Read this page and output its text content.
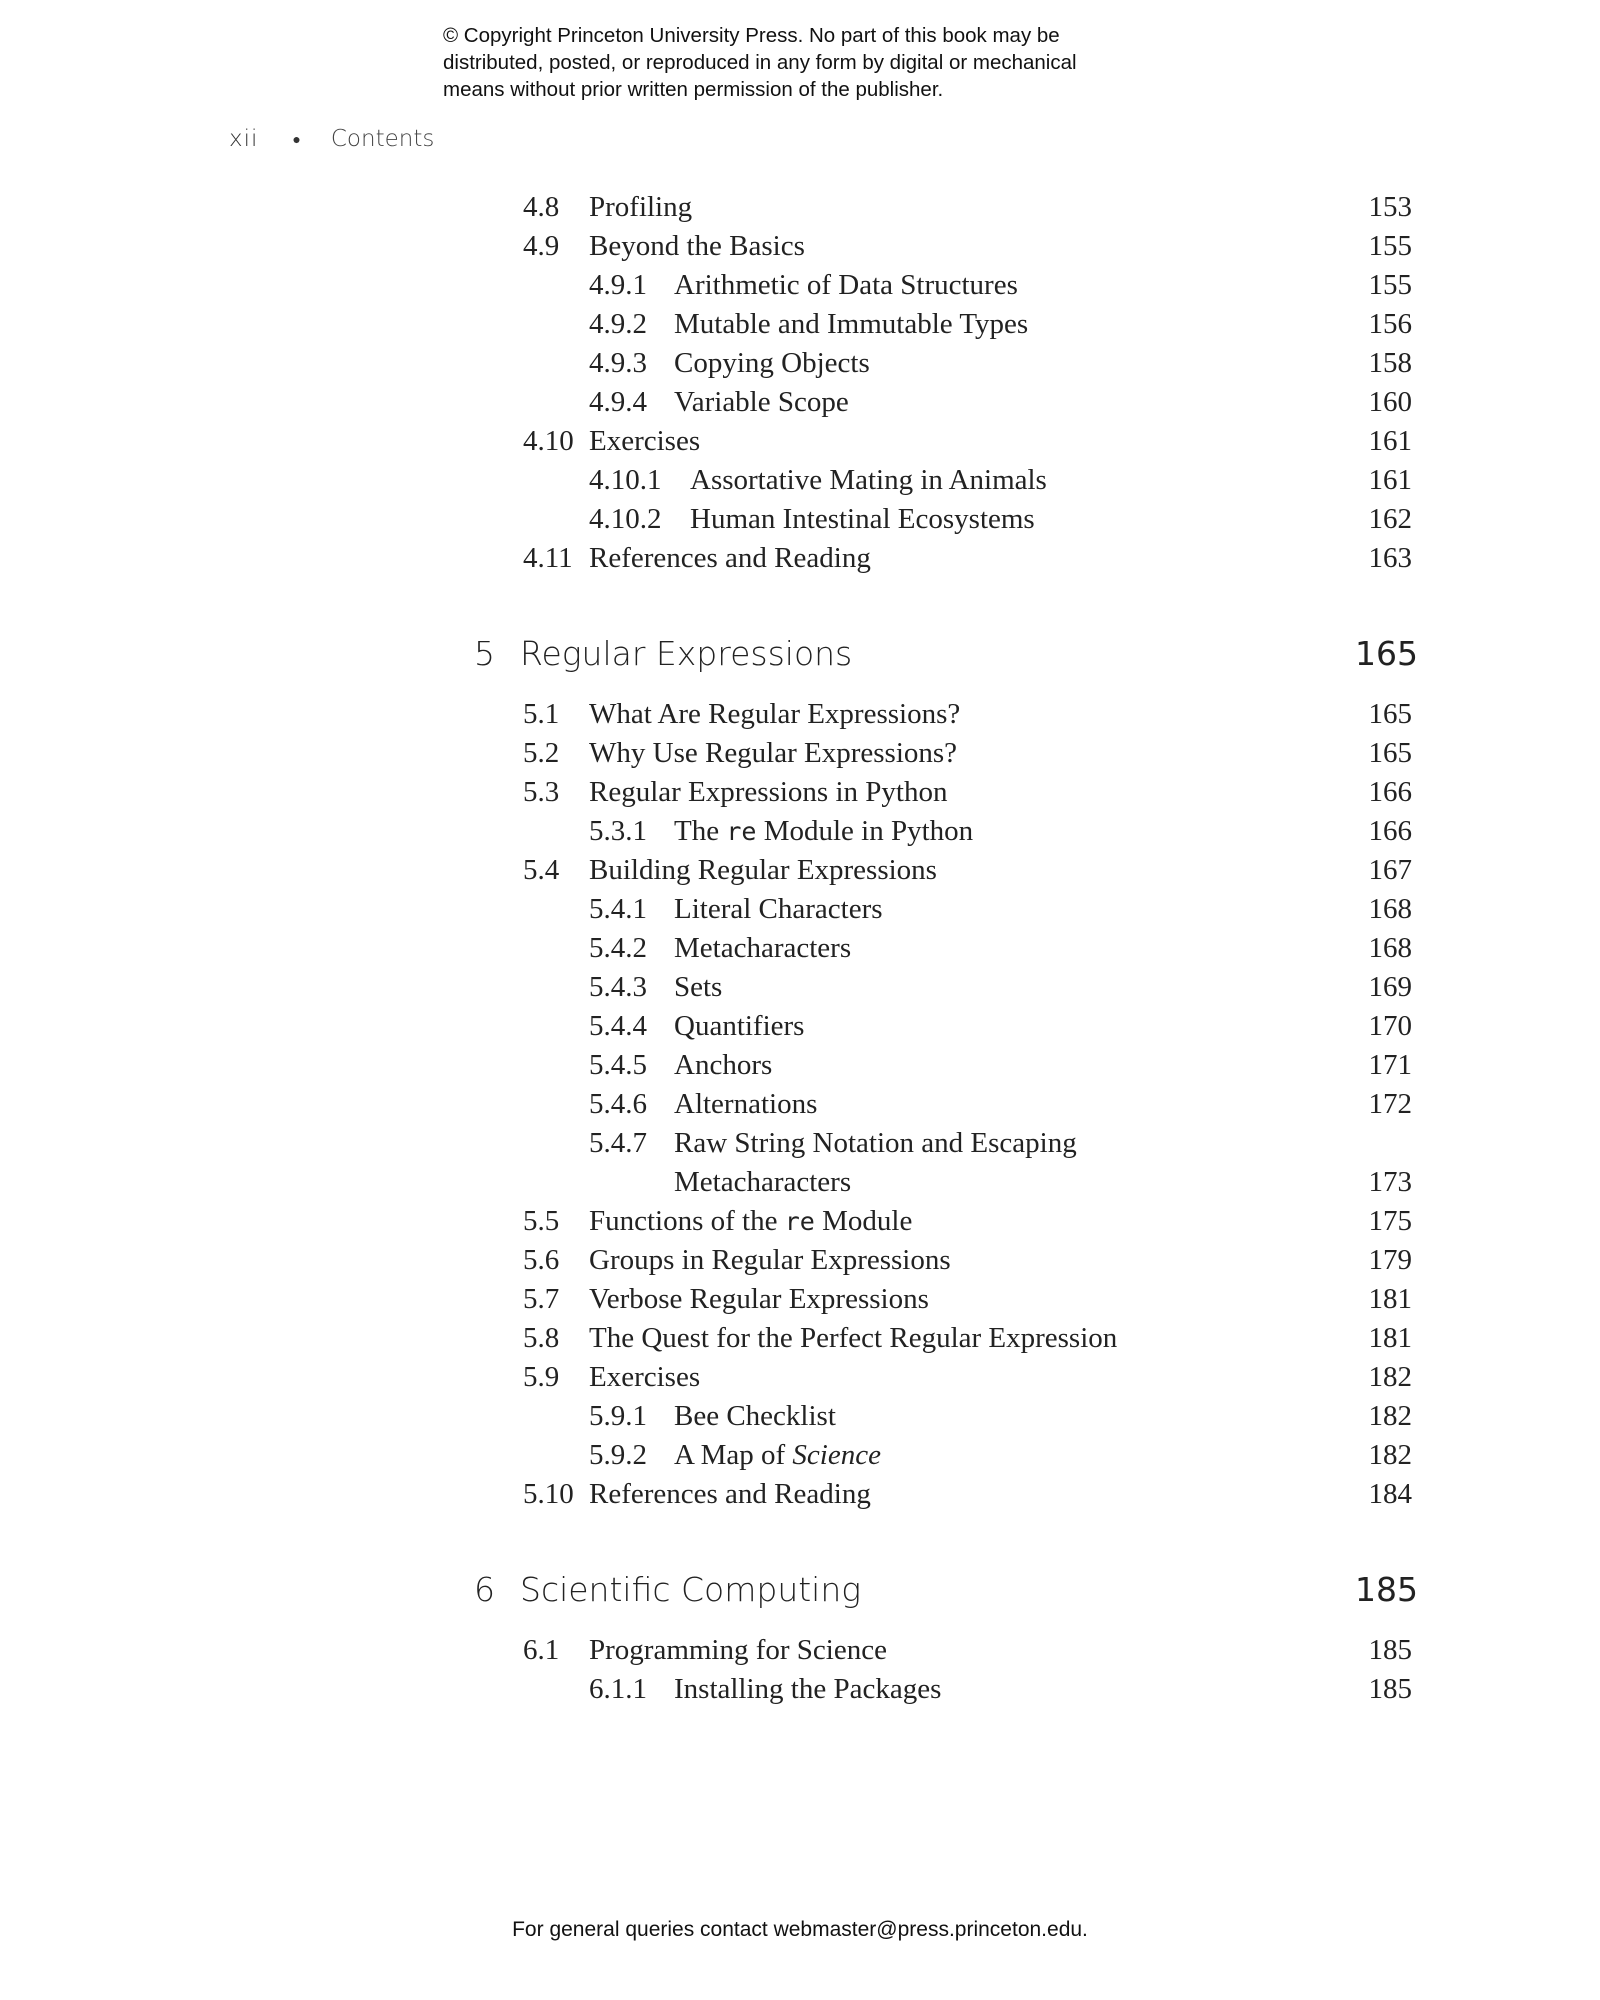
© Copyright Princeton University Press. No part of this book may be
distributed, posted, or reproduced in any form by digital or mechanical
means without prior written permission of the publisher.
xii ● Contents
4.8 Profiling	153
4.9 Beyond the Basics	155
4.9.1 Arithmetic of Data Structures	155
4.9.2 Mutable and Immutable Types	156
4.9.3 Copying Objects	158
4.9.4 Variable Scope	160
4.10 Exercises	161
4.10.1 Assortative Mating in Animals	161
4.10.2 Human Intestinal Ecosystems	162
4.11 References and Reading	163
5 Regular Expressions	165
5.1 What Are Regular Expressions?	165
5.2 Why Use Regular Expressions?	165
5.3 Regular Expressions in Python	166
5.3.1 The re Module in Python	166
5.4 Building Regular Expressions	167
5.4.1 Literal Characters	168
5.4.2 Metacharacters	168
5.4.3 Sets	169
5.4.4 Quantifiers	170
5.4.5 Anchors	171
5.4.6 Alternations	172
5.4.7 Raw String Notation and Escaping
Metacharacters	173
5.5 Functions of the re Module	175
5.6 Groups in Regular Expressions	179
5.7 Verbose Regular Expressions	181
5.8 The Quest for the Perfect Regular Expression	181
5.9 Exercises	182
5.9.1 Bee Checklist	182
5.9.2 A Map of Science	182
5.10 References and Reading	184
6 Scientific Computing	185
6.1 Programming for Science	185
6.1.1 Installing the Packages	185
For general queries contact webmaster@press.princeton.edu.
